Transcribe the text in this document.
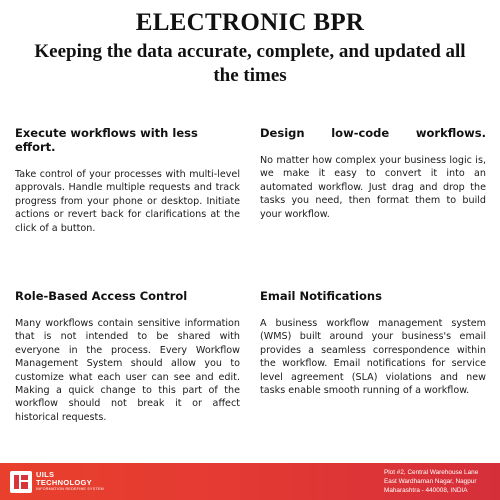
ELECTRONIC BPR
Keeping the data accurate, complete, and updated all the times
Execute workflows with less effort.

Take control of your processes with multi-level approvals. Handle multiple requests and track progress from your phone or desktop. Initiate actions or revert back for clarifications at the click of a button.

Design low-code workflows.

No matter how complex your business logic is, we make it easy to convert it into an automated workflow. Just drag and drop the tasks you need, then format them to build your workflow.

Role-Based Access Control

Many workflows contain sensitive information that is not intended to be shared with everyone in the process. Every Workflow Management System should allow you to customize what each user can see and edit. Making a quick change to this part of the workflow should not break it or affect historical requests.

Email Notifications

A business workflow management system (WMS) built around your business's email provides a seamless correspondence within the workflow. Email notifications for service level agreement (SLA) violations and new tasks enable smooth running of a workflow.

UILS
TECHNOLOGY
INFORMATION REDEFINE SYSTEM
Plot #2, Central Warehouse Lane
East Wardhaman Nagar, Nagpur
Maharashtra - 440008, INDIA
